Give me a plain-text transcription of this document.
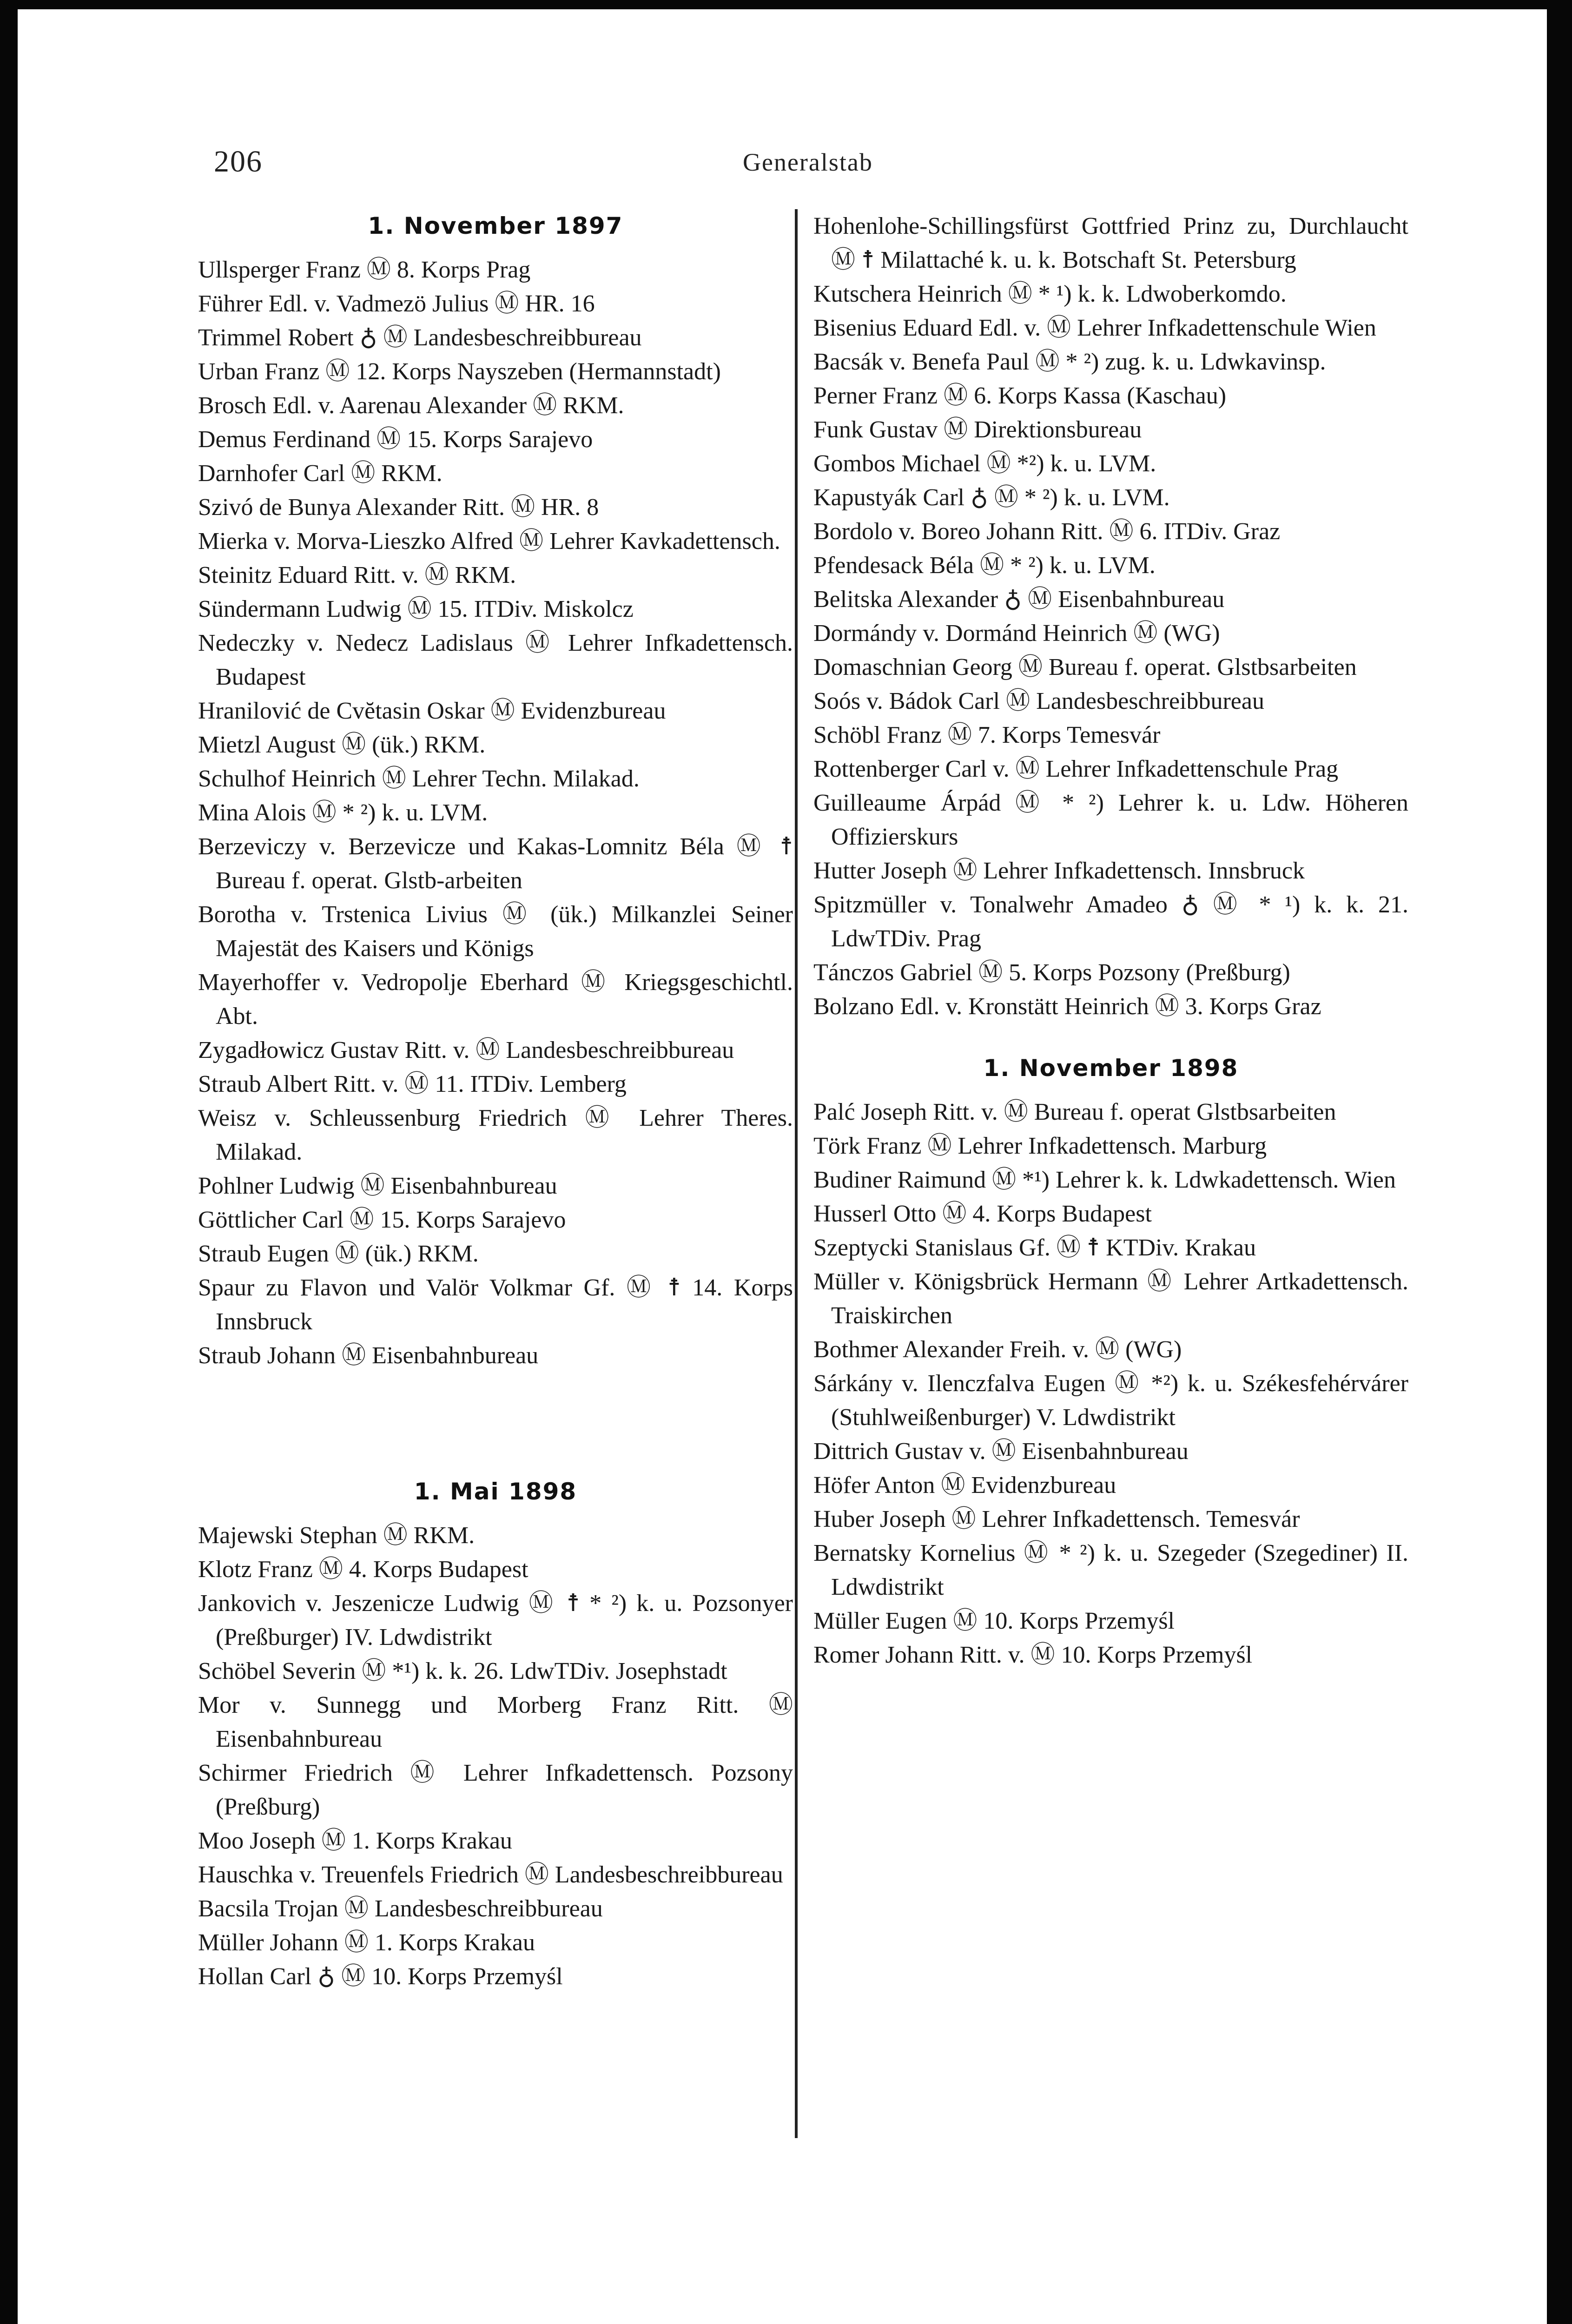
206	Generalstab
1. November 1897
Ullsperger Franz Ⓜ 8. Korps Prag
Führer Edl. v. Vadmezö Julius Ⓜ HR. 16
Trimmel Robert ♁ Ⓜ Landesbeschreibbureau
Urban Franz Ⓜ 12. Korps Nayszeben (Hermannstadt)
Brosch Edl. v. Aarenau Alexander Ⓜ RKM.
Demus Ferdinand Ⓜ 15. Korps Sarajevo
Darnhofer Carl Ⓜ RKM.
Szivó de Bunya Alexander Ritt. Ⓜ HR. 8
Mierka v. Morva-Lieszko Alfred Ⓜ Lehrer Kavkadettensch.
Steinitz Eduard Ritt. v. Ⓜ RKM.
Sündermann Ludwig Ⓜ 15. ITDiv. Miskolcz
Nedeczky v. Nedecz Ladislaus Ⓜ Lehrer Infkadettensch. Budapest
Hranilović de Cvĕtasin Oskar Ⓜ Evidenzbureau
Mietzl August Ⓜ (ük.) RKM.
Schulhof Heinrich Ⓜ Lehrer Techn. Milakad.
Mina Alois Ⓜ * ²) k. u. LVM.
Berzeviczy v. Berzevicze und Kakas-Lomnitz Béla Ⓜ ☨ Bureau f. operat. Glstb-arbeiten
Borotha v. Trstenica Livius Ⓜ (ük.) Milkanzlei Seiner Majestät des Kaisers und Königs
Mayerhoffer v. Vedropolje Eberhard Ⓜ Kriegsgeschichtl. Abt.
Zygadłowicz Gustav Ritt. v. Ⓜ Landesbeschreibbureau
Straub Albert Ritt. v. Ⓜ 11. ITDiv. Lemberg
Weisz v. Schleussenburg Friedrich Ⓜ Lehrer Theres. Milakad.
Pohlner Ludwig Ⓜ Eisenbahnbureau
Göttlicher Carl Ⓜ 15. Korps Sarajevo
Straub Eugen Ⓜ (ük.) RKM.
Spaur zu Flavon und Valör Volkmar Gf. Ⓜ ☨ 14. Korps Innsbruck
Straub Johann Ⓜ Eisenbahnbureau
1. Mai 1898
Majewski Stephan Ⓜ RKM.
Klotz Franz Ⓜ 4. Korps Budapest
Jankovich v. Jeszenicze Ludwig Ⓜ ☨ * ²) k. u. Pozsonyer (Preßburger) IV. Ldwdistrikt
Schöbel Severin Ⓜ *¹) k. k. 26. LdwTDiv. Josephstadt
Mor v. Sunnegg und Morberg Franz Ritt. Ⓜ Eisenbahnbureau
Schirmer Friedrich Ⓜ Lehrer Infkadettensch. Pozsony (Preßburg)
Moo Joseph Ⓜ 1. Korps Krakau
Hauschka v. Treuenfels Friedrich Ⓜ Landesbeschreibbureau
Bacsila Trojan Ⓜ Landesbeschreibbureau
Müller Johann Ⓜ 1. Korps Krakau
Hollan Carl ♁ Ⓜ 10. Korps Przemyśl
Hohenlohe-Schillingsfürst Gottfried Prinz zu, Durchlaucht Ⓜ ☨ Milattaché k. u. k. Botschaft St. Petersburg
Kutschera Heinrich Ⓜ * ¹) k. k. Ldwoberkomdo.
Bisenius Eduard Edl. v. Ⓜ Lehrer Infkadettenschule Wien
Bacsák v. Benefa Paul Ⓜ * ²) zug. k. u. Ldwkavinsp.
Perner Franz Ⓜ 6. Korps Kassa (Kaschau)
Funk Gustav Ⓜ Direktionsbureau
Gombos Michael Ⓜ *²) k. u. LVM.
Kapustyák Carl ♁ Ⓜ * ²) k. u. LVM.
Bordolo v. Boreo Johann Ritt. Ⓜ 6. ITDiv. Graz
Pfendesack Béla Ⓜ * ²) k. u. LVM.
Belitska Alexander ♁ Ⓜ Eisenbahnbureau
Dormándy v. Dormánd Heinrich Ⓜ (WG)
Domaschnian Georg Ⓜ Bureau f. operat. Glstbsarbeiten
Soós v. Bádok Carl Ⓜ Landesbeschreibbureau
Schöbl Franz Ⓜ 7. Korps Temesvár
Rottenberger Carl v. Ⓜ Lehrer Infkadettenschule Prag
Guilleaume Árpád Ⓜ * ²) Lehrer k. u. Ldw. Höheren Offizierskurs
Hutter Joseph Ⓜ Lehrer Infkadettensch. Innsbruck
Spitzmüller v. Tonalwehr Amadeo ♁ Ⓜ * ¹) k. k. 21. LdwTDiv. Prag
Tánczos Gabriel Ⓜ 5. Korps Pozsony (Preßburg)
Bolzano Edl. v. Kronstätt Heinrich Ⓜ 3. Korps Graz
1. November 1898
Palć Joseph Ritt. v. Ⓜ Bureau f. operat Glstbsarbeiten
Törk Franz Ⓜ Lehrer Infkadettensch. Marburg
Budiner Raimund Ⓜ *¹) Lehrer k. k. Ldwkadettensch. Wien
Husserl Otto Ⓜ 4. Korps Budapest
Szeptycki Stanislaus Gf. Ⓜ ☨ KTDiv. Krakau
Müller v. Königsbrück Hermann Ⓜ Lehrer Artkadettensch. Traiskirchen
Bothmer Alexander Freih. v. Ⓜ (WG)
Sárkány v. Ilenczfalva Eugen Ⓜ *²) k. u. Székesfehérvárer (Stuhlweißenburger) V. Ldwdistrikt
Dittrich Gustav v. Ⓜ Eisenbahnbureau
Höfer Anton Ⓜ Evidenzbureau
Huber Joseph Ⓜ Lehrer Infkadettensch. Temesvár
Bernatsky Kornelius Ⓜ * ²) k. u. Szegeder (Szegediner) II. Ldwdistrikt
Müller Eugen Ⓜ 10. Korps Przemyśl
Romer Johann Ritt. v. Ⓜ 10. Korps Przemyśl
